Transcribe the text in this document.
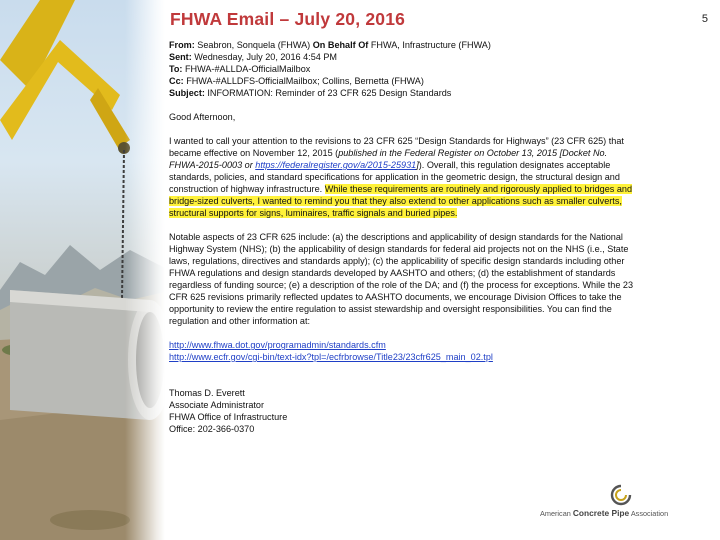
FHWA Email – July 20, 2016	5
From: Seabron, Sonquela (FHWA) On Behalf Of FHWA, Infrastructure (FHWA)
Sent: Wednesday, July 20, 2016 4:54 PM
To: FHWA-#ALLDA-OfficialMailbox
Cc: FHWA-#ALLDFS-OfficialMailbox; Collins, Bernetta (FHWA)
Subject: INFORMATION: Reminder of 23 CFR 625 Design Standards
Good Afternoon,
I wanted to call your attention to the revisions to 23 CFR 625 “Design Standards for Highways” (23 CFR 625) that became effective on November 12, 2015 (published in the Federal Register on October 13, 2015 [Docket No. FHWA-2015-0003 or https://federalregister.gov/a/2015-25931]). Overall, this regulation designates acceptable standards, policies, and standard specifications for application in the geometric design, the structural design and construction of highway infrastructure. While these requirements are routinely and rigorously applied to bridges and bridge-sized culverts, I wanted to remind you that they also extend to other applications such as smaller culverts, structural supports for signs, luminaires, traffic signals and buried pipes.
Notable aspects of 23 CFR 625 include: (a) the descriptions and applicability of design standards for the National Highway System (NHS); (b) the applicability of design standards for federal aid projects not on the NHS (i.e., State laws, regulations, directives and standards apply); (c) the applicability of specific design standards including other FHWA regulations and design standards developed by AASHTO and others; (d) the establishment of standards regardless of funding source; (e) a description of the role of the DA; and (f) the process for exceptions. While the 23 CFR 625 revisions primarily reflected updates to AASHTO documents, we encourage Division Offices to take the opportunity to review the entire regulation to assist stewardship and oversight responsibilities. You can find the regulation and other information at:
http://www.fhwa.dot.gov/programadmin/standards.cfm
http://www.ecfr.gov/cgi-bin/text-idx?tpl=/ecfrbrowse/Title23/23cfr625_main_02.tpl
Thomas D. Everett
Associate Administrator
FHWA Office of Infrastructure
Office: 202-366-0370
American Concrete Pipe Association
